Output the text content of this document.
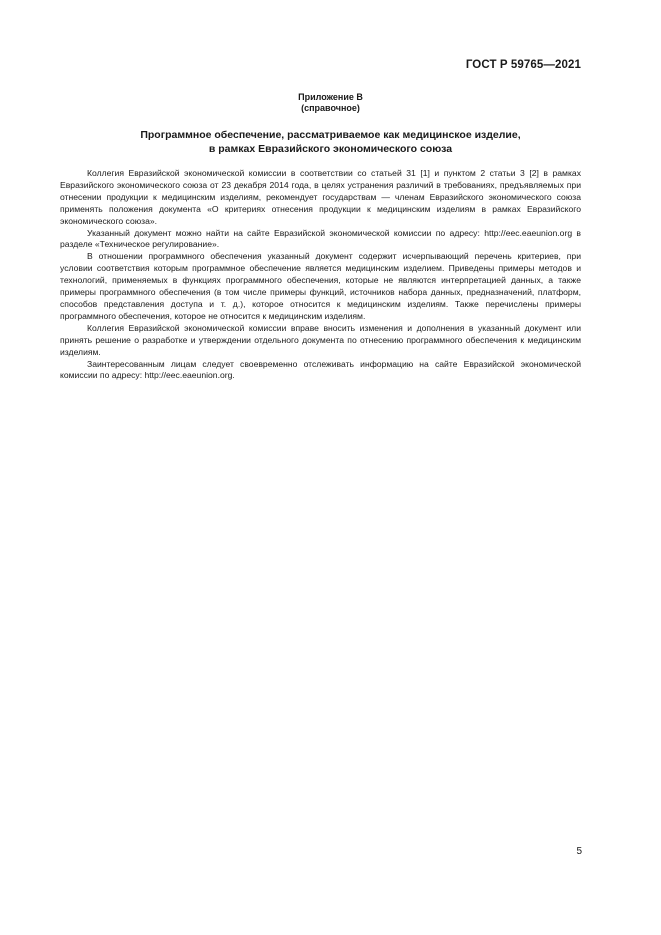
ГОСТ Р 59765—2021
Приложение В
(справочное)
Программное обеспечение, рассматриваемое как медицинское изделие,
в рамках Евразийского экономического союза

Коллегия Евразийской экономической комиссии в соответствии со статьей 31 [1] и пунктом 2 статьи 3 [2] в рамках Евразийского экономического союза от 23 декабря 2014 года, в целях устранения различий в требованиях, предъявляемых при отнесении продукции к медицинским изделиям, рекомендует государствам — членам Евразийского экономического союза применять положения документа «О критериях отнесения продукции к медицинским изделиям в рамках Евразийского экономического союза».

Указанный документ можно найти на сайте Евразийской экономической комиссии по адресу: http://eec.eaeunion.org в разделе «Техническое регулирование».

В отношении программного обеспечения указанный документ содержит исчерпывающий перечень критериев, при условии соответствия которым программное обеспечение является медицинским изделием. Приведены примеры методов и технологий, применяемых в функциях программного обеспечения, которые не являются интерпретацией данных, а также примеры программного обеспечения (в том числе примеры функций, источников набора данных, предназначений, платформ, способов представления доступа и т. д.), которое относится к медицинским изделиям. Также перечислены примеры программного обеспечения, которое не относится к медицинским изделиям.

Коллегия Евразийской экономической комиссии вправе вносить изменения и дополнения в указанный документ или принять решение о разработке и утверждении отдельного документа по отнесению программного обеспечения к медицинским изделиям.

Заинтересованным лицам следует своевременно отслеживать информацию на сайте Евразийской экономической комиссии по адресу: http://eec.eaeunion.org.

5
